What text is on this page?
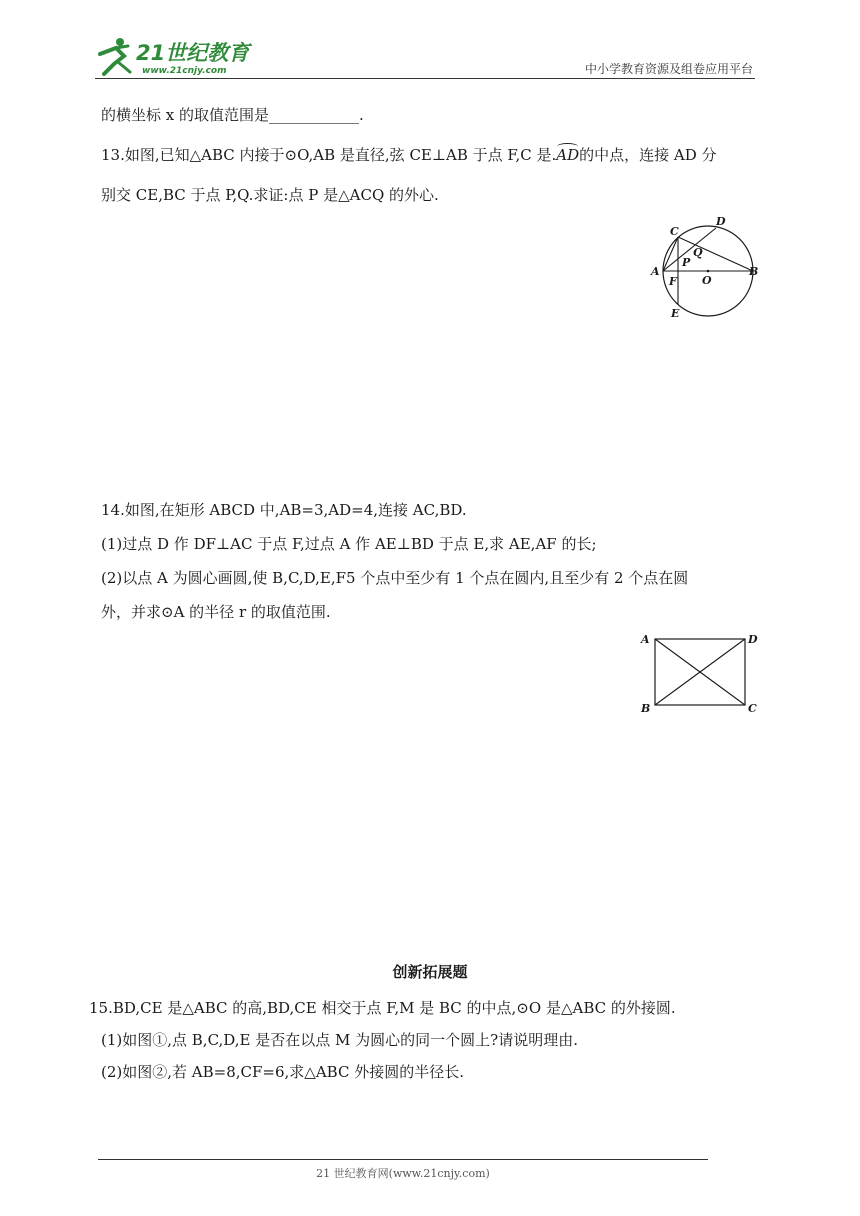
21世纪教育
www.21cnjy.com	中小学教育资源及组卷应用平台
的横坐标 x 的取值范围是____________.
13.如图,已知△ABC 内接于⊙O,AB 是直径,弦 CE⊥AB 于点 F,C 是.AD的中点，连接 AD 分
别交 CE,BC 于点 P,Q.求证:点 P 是△ACQ 的外心.
C
D
Q
P
A	B
F O
E
14.如图,在矩形 ABCD 中,AB=3,AD=4,连接 AC,BD.
(1)过点 D 作 DF⊥AC 于点 F,过点 A 作 AE⊥BD 于点 E,求 AE,AF 的长;
(2)以点 A 为圆心画圆,使 B,C,D,E,F5 个点中至少有 1 个点在圆内,且至少有 2 个点在圆
外，并求⊙A 的半径 r 的取值范围.
A	D
B	C
创新拓展题
15.BD,CE 是△ABC 的高,BD,CE 相交于点 F,M 是 BC 的中点,⊙O 是△ABC 的外接圆.
(1)如图①,点 B,C,D,E 是否在以点 M 为圆心的同一个圆上?请说明理由.
(2)如图②,若 AB=8,CF=6,求△ABC 外接圆的半径长.
21 世纪教育网(www.21cnjy.com)
